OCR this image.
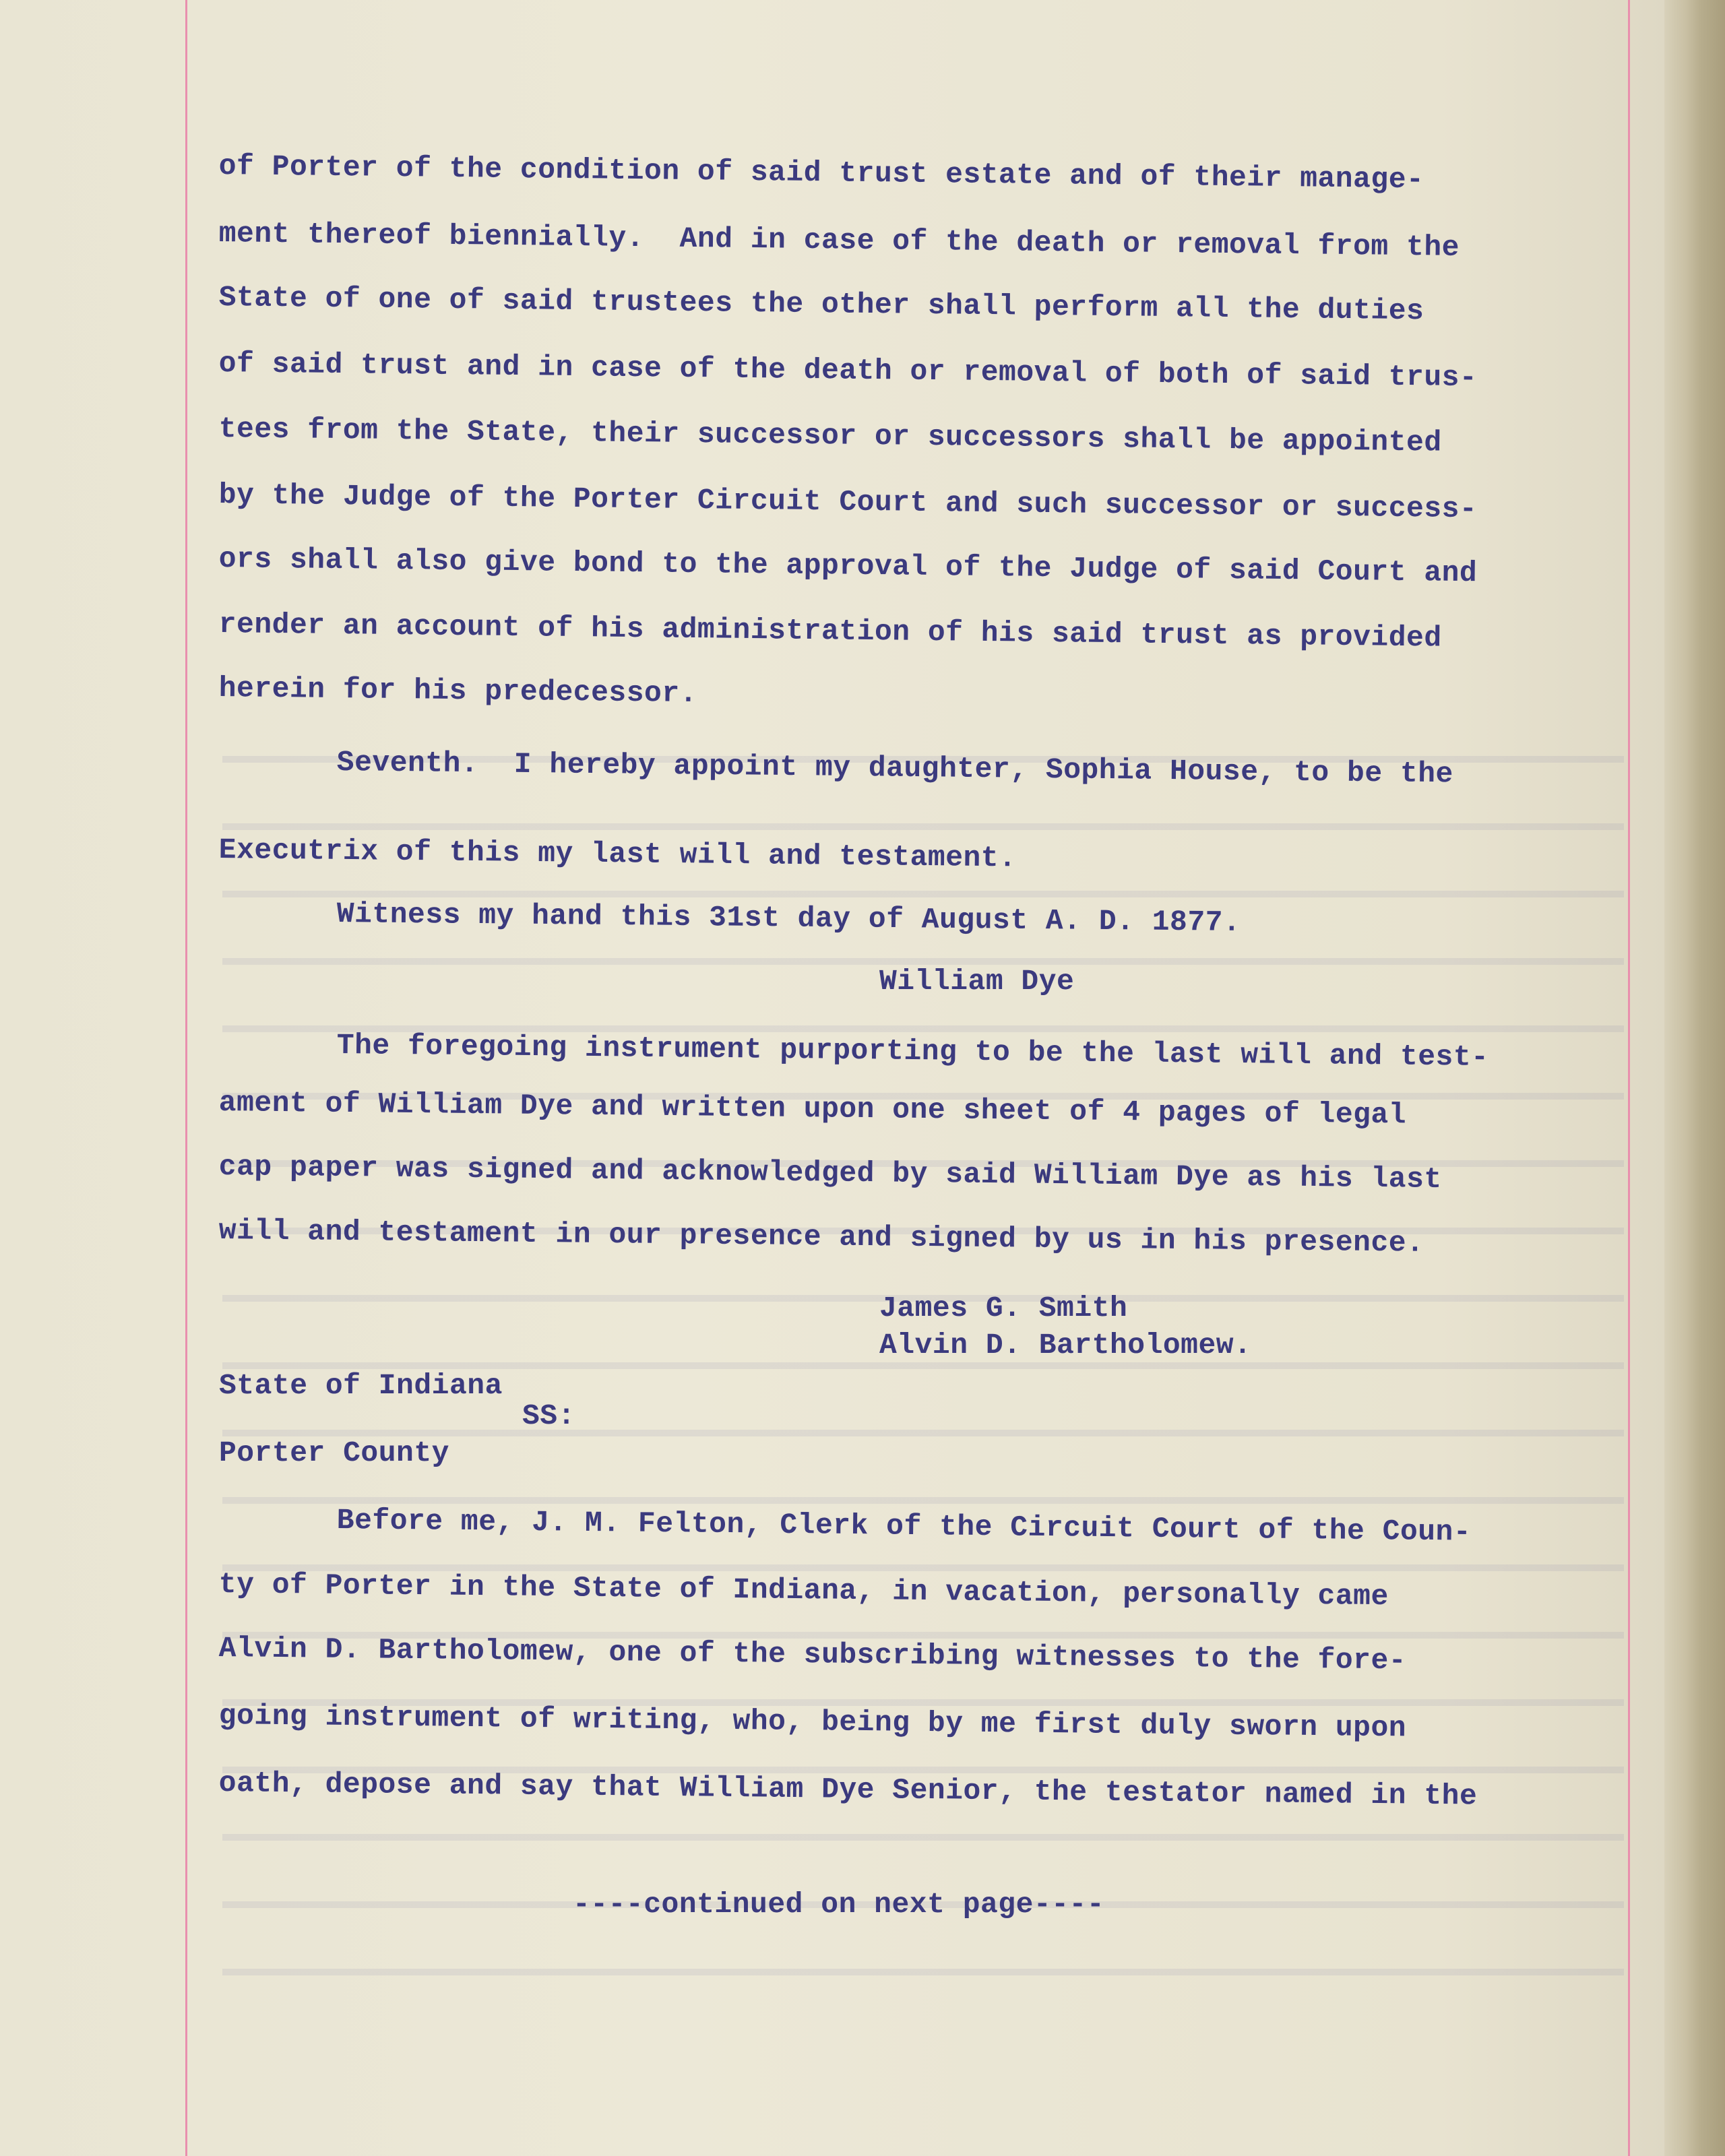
of Porter of the condition of said trust estate and of their manage-
ment thereof biennially.  And in case of the death or removal from the
State of one of said trustees the other shall perform all the duties
of said trust and in case of the death or removal of both of said trus-
tees from the State, their successor or successors shall be appointed
by the Judge of the Porter Circuit Court and such successor or success-
ors shall also give bond to the approval of the Judge of said Court and
render an account of his administration of his said trust as provided
herein for his predecessor.
Seventh.  I hereby appoint my daughter, Sophia House, to be the
Executrix of this my last will and testament.
Witness my hand this 31st day of August A. D. 1877.
William Dye
The foregoing instrument purporting to be the last will and test-
ament of William Dye and written upon one sheet of 4 pages of legal
cap paper was signed and acknowledged by said William Dye as his last
will and testament in our presence and signed by us in his presence.
James G. Smith
Alvin D. Bartholomew.
State of Indiana
SS:
Porter County
Before me, J. M. Felton, Clerk of the Circuit Court of the Coun-
ty of Porter in the State of Indiana, in vacation, personally came
Alvin D. Bartholomew, one of the subscribing witnesses to the fore-
going instrument of writing, who, being by me first duly sworn upon
oath, depose and say that William Dye Senior, the testator named in the
----continued on next page----
